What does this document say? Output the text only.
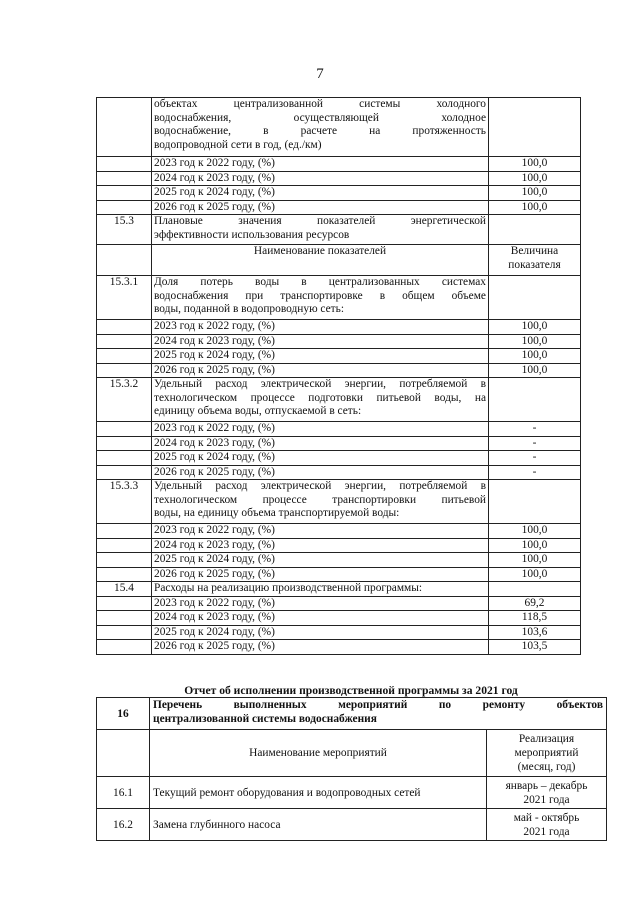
7

	объектах централизованной системы холодного
водоснабжения, осуществляющей холодное
водоснабжение, в расчете на протяженность
водопроводной сети в год, (ед./км)	

	2023 год к 2022 году, (%)	100,0
	2024 год к 2023 году, (%)	100,0
	2025 год к 2024 году, (%)	100,0
	2026 год к 2025 году, (%)	100,0
15.3	Плановые значения показателей энергетической
эффективности использования ресурсов	

	Наименование показателей	Величина
показателя

15.3.1	Доля потерь воды в централизованных системах
водоснабжения при транспортировке в общем объеме
воды, поданной в водопроводную сеть:	

	2023 год к 2022 году, (%)	100,0
	2024 год к 2023 году, (%)	100,0
	2025 год к 2024 году, (%)	100,0
	2026 год к 2025 году, (%)	100,0
15.3.2	Удельный расход электрической энергии, потребляемой в
технологическом процессе подготовки питьевой воды, на
единицу объема воды, отпускаемой в сеть:	

	2023 год к 2022 году, (%)	-
	2024 год к 2023 году, (%)	-
	2025 год к 2024 году, (%)	-
	2026 год к 2025 году, (%)	-
15.3.3	Удельный расход электрической энергии, потребляемой в
технологическом процессе транспортировки питьевой
воды, на единицу объема транспортируемой воды:	

	2023 год к 2022 году, (%)	100,0
	2024 год к 2023 году, (%)	100,0
	2025 год к 2024 году, (%)	100,0
	2026 год к 2025 году, (%)	100,0
15.4	Расходы на реализацию производственной программы:	
	2023 год к 2022 году, (%)	69,2
	2024 год к 2023 году, (%)	118,5
	2025 год к 2024 году, (%)	103,6
	2026 год к 2025 году, (%)	103,5
Отчет об исполнении производственной программы за 2021 год
16	Перечень выполненных мероприятий по ремонту объектов
централизованной системы водоснабжения	

	Наименование мероприятий	Реализация
мероприятий
(месяц, год)

16.1	Текущий ремонт оборудования и водопроводных сетей	январь – декабрь
2021 года

16.2	Замена глубинного насоса	май - октябрь
2021 года
